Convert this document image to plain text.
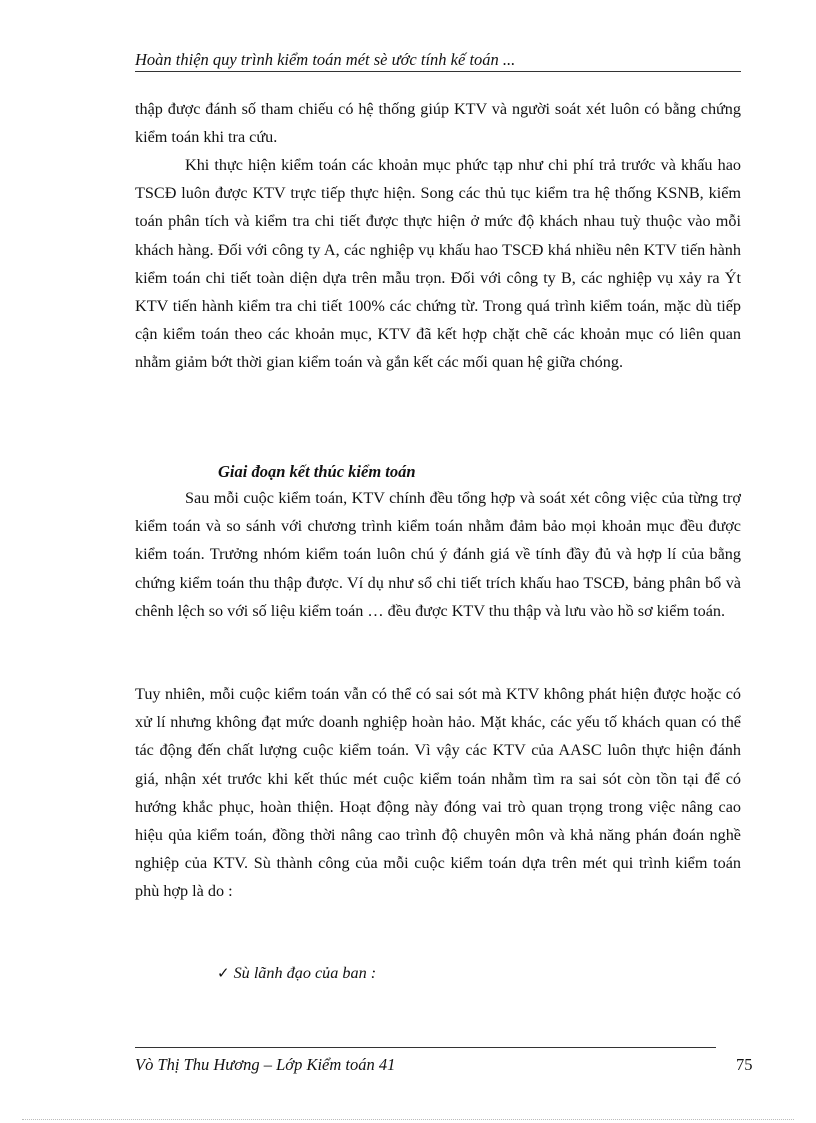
Hoàn thiện quy trình kiểm toán mét sè ước tính kế toán ...

thập được đánh số tham chiếu có hệ thống giúp KTV và người soát xét luôn có bằng chứng kiểm toán khi tra cứu.

Khi thực hiện kiểm toán các khoản mục phức tạp như chi phí trả trước và khấu hao TSCĐ luôn được KTV trực tiếp thực hiện. Song các thủ tục kiểm tra hệ thống KSNB, kiểm toán phân tích và kiểm tra chi tiết được thực hiện ở mức độ khách nhau tuỳ thuộc vào mỗi khách hàng. Đối với công ty A, các nghiệp vụ khấu hao TSCĐ khá nhiều nên KTV tiến hành kiểm toán chi tiết toàn diện dựa trên mẫu trọn. Đối với công ty B, các nghiệp vụ xảy ra Ýt KTV tiến hành kiểm tra chi tiết 100% các chứng từ. Trong quá trình kiểm toán, mặc dù tiếp cận kiểm toán theo các khoản mục, KTV đã kết hợp chặt chẽ các khoản mục có liên quan nhằm giảm bớt thời gian kiểm toán và gắn kết các mối quan hệ giữa chóng.

Giai đoạn kết thúc kiểm toán

Sau mỗi cuộc kiểm toán, KTV chính đều tổng hợp và soát xét công việc của từng trợ kiểm toán và so sánh với chương trình kiểm toán nhằm đảm bảo mọi khoản mục đều được kiểm toán. Trưởng nhóm kiểm toán luôn chú ý đánh giá về tính đầy đủ và hợp lí của bằng chứng kiểm toán thu thập được. Ví dụ như sổ chi tiết trích khấu hao TSCĐ, bảng phân bổ và chênh lệch so với số liệu kiểm toán … đều được KTV thu thập và lưu vào hồ sơ kiểm toán.

Tuy nhiên, mỗi cuộc kiểm toán vẫn có thể có sai sót mà KTV không phát hiện được hoặc có xử lí nhưng không đạt mức doanh nghiệp hoàn hảo. Mặt khác, các yếu tố khách quan có thể tác động đến chất lượng cuộc kiểm toán. Vì vậy các KTV của AASC luôn thực hiện đánh giá, nhận xét trước khi kết thúc mét cuộc kiểm toán nhằm tìm ra sai sót còn tồn tại để có hướng khắc phục, hoàn thiện. Hoạt động này đóng vai trò quan trọng trong việc nâng cao hiệu qủa kiểm toán, đồng thời nâng cao trình độ chuyên môn và khả năng phán đoán nghề nghiệp của KTV. Sù thành công của mỗi cuộc kiểm toán dựa trên mét qui trình kiểm toán phù hợp là do :

✓ Sù lãnh đạo của ban :
Vò Thị Thu Hương – Lớp Kiểm toán 41	75
